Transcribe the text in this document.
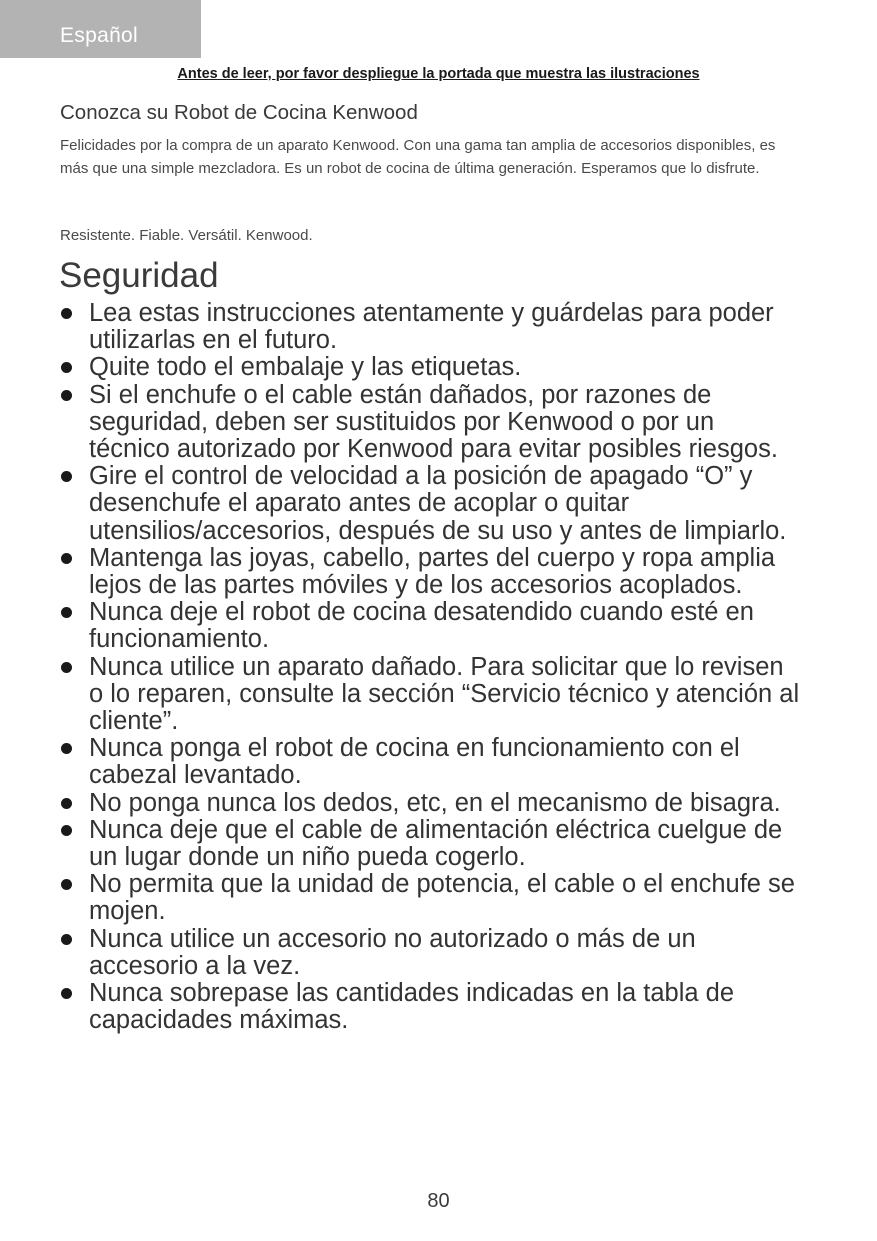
Español
Antes de leer, por favor despliegue la portada que muestra las ilustraciones
Conozca su Robot de Cocina Kenwood

Felicidades por la compra de un aparato Kenwood. Con una gama tan amplia de accesorios disponibles, es más que una simple mezcladora. Es un robot de cocina de última generación. Esperamos que lo disfrute.

Resistente. Fiable. Versátil. Kenwood.
Seguridad
Lea estas instrucciones atentamente y guárdelas para poder utilizarlas en el futuro.
Quite todo el embalaje y las etiquetas.
Si el enchufe o el cable están dañados, por razones de seguridad, deben ser sustituidos por Kenwood o por un técnico autorizado por Kenwood para evitar posibles riesgos.
Gire el control de velocidad a la posición de apagado “O” y desenchufe el aparato antes de acoplar o quitar utensilios/accesorios, después de su uso y antes de limpiarlo.
Mantenga las joyas, cabello, partes del cuerpo y ropa amplia lejos de las partes móviles y de los accesorios acoplados.
Nunca deje el robot de cocina desatendido cuando esté en funcionamiento.
Nunca utilice un aparato dañado. Para solicitar que lo revisen o lo reparen, consulte la sección “Servicio técnico y atención al cliente”.
Nunca ponga el robot de cocina en funcionamiento con el cabezal levantado.
No ponga nunca los dedos, etc, en el mecanismo de bisagra.
Nunca deje que el cable de alimentación eléctrica cuelgue de un lugar donde un niño pueda cogerlo.
No permita que la unidad de potencia, el cable o el enchufe se mojen.
Nunca utilice un accesorio no autorizado o más de un accesorio a la vez.
Nunca sobrepase las cantidades indicadas en la tabla de capacidades máximas.
80
